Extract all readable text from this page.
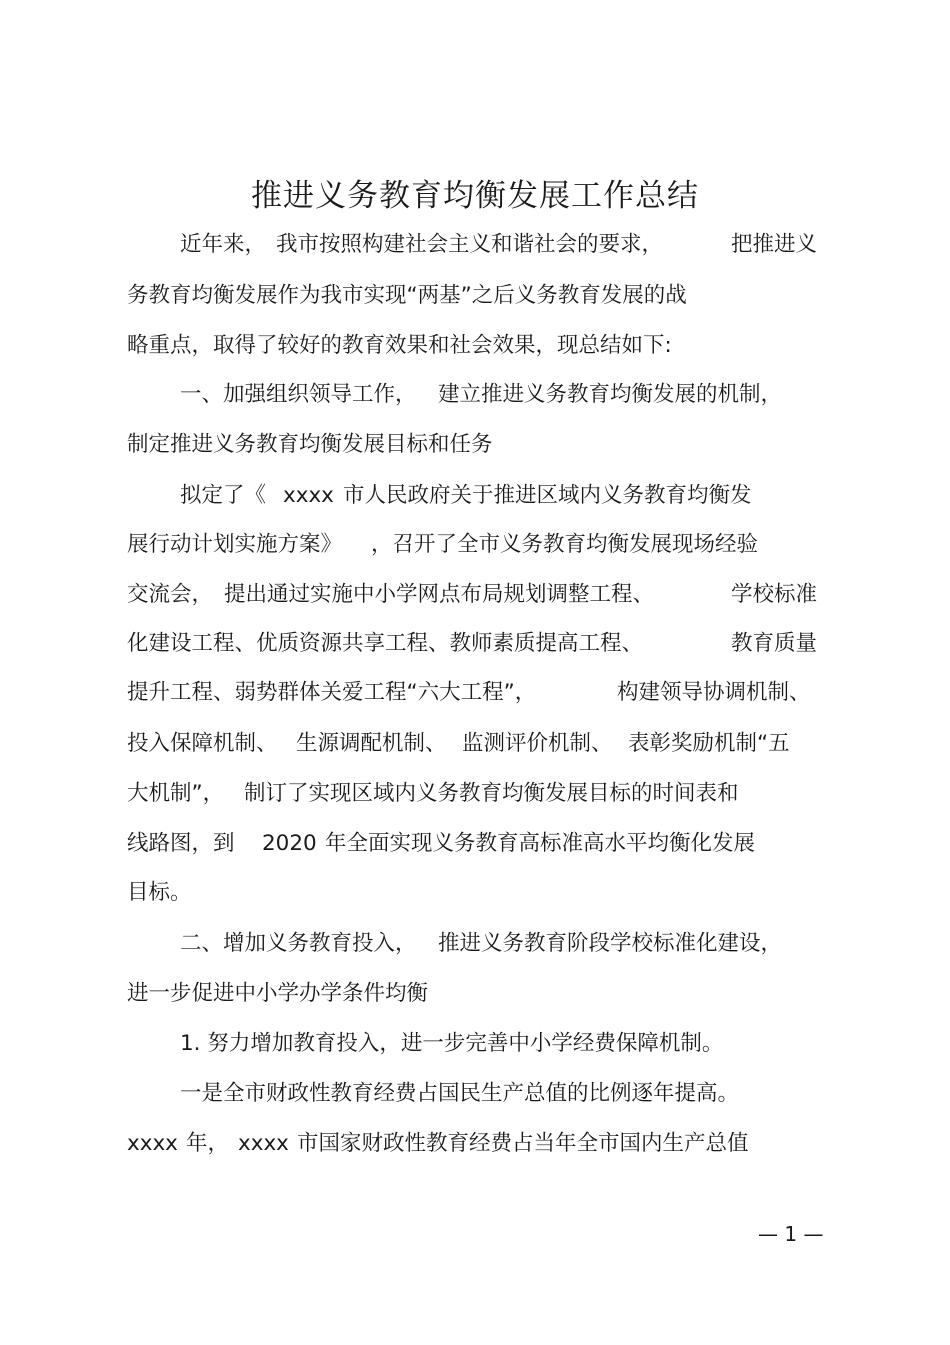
推进义务教育均衡发展工作总结
近年来， 我市按照构建社会主义和谐社会的要求，	把推进义
务教育均衡发展作为我市实现“两基”之后义务教育发展的战
略重点，取得了较好的教育效果和社会效果，现总结如下:
一、加强组织领导工作， 建立推进义务教育均衡发展的机制，
制定推进义务教育均衡发展目标和任务
拟定了《 xxxx 市人民政府关于推进区域内义务教育均衡发
展行动计划实施方案》 ，召开了全市义务教育均衡发展现场经验
交流会， 提出通过实施中小学网点布局规划调整工程、	学校标准
化建设工程、优质资源共享工程、教师素质提高工程、	教育质量
提升工程、弱势群体关爱工程“六大工程”，	构建领导协调机制、
投入保障机制、 生源调配机制、 监测评价机制、 表彰奖励机制“五
大机制”， 制订了实现区域内义务教育均衡发展目标的时间表和
线路图，到 2020 年全面实现义务教育高标准高水平均衡化发展
目标。
二、增加义务教育投入， 推进义务教育阶段学校标准化建设，
进一步促进中小学办学条件均衡
1. 努力增加教育投入，进一步完善中小学经费保障机制。
一是全市财政性教育经费占国民生产总值的比例逐年提高。
xxxx 年， xxxx 市国家财政性教育经费占当年全市国内生产总值
— 1 —
